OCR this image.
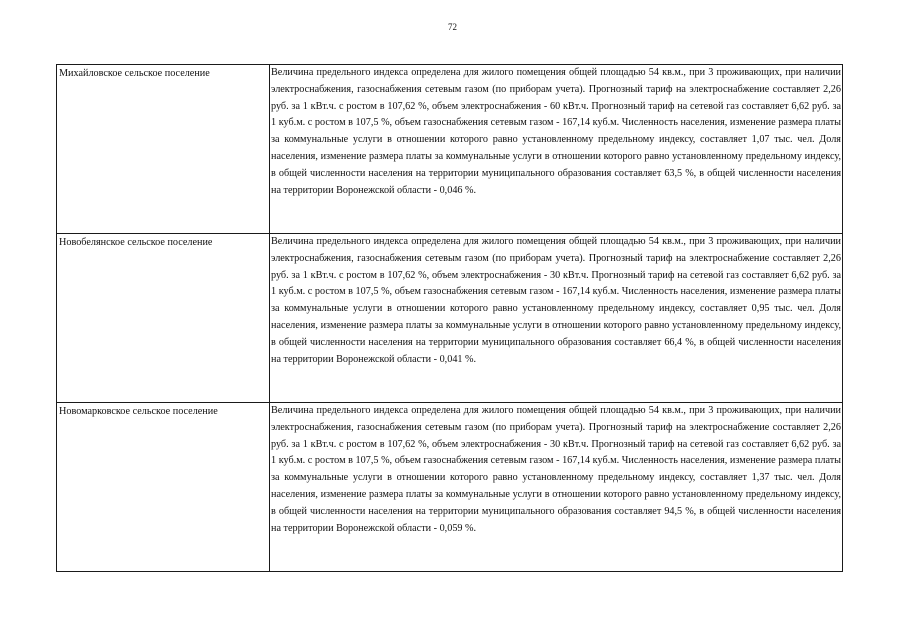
72
Михайловское сельское поселение	Величина предельного индекса определена для жилого помещения общей площадью 54 кв.м., при 3 проживающих, при наличии электроснабжения, газоснабжения сетевым газом (по приборам учета). Прогнозный тариф на электроснабжение составляет 2,26 руб. за 1 кВт.ч. с ростом в 107,62 %, объем электроснабжения - 60 кВт.ч. Прогнозный тариф на сетевой газ составляет 6,62 руб. за 1 куб.м. с ростом в 107,5 %, объем газоснабжения сетевым газом - 167,14 куб.м. Численность населения, изменение размера платы за коммунальные услуги в отношении которого равно установленному предельному индексу, составляет 1,07 тыс. чел. Доля населения, изменение размера платы за коммунальные услуги в отношении которого равно установленному предельному индексу, в общей численности населения на территории муниципального образования составляет 63,5 %, в общей численности населения на территории Воронежской области - 0,046 %.

Новобелянское сельское поселение	Величина предельного индекса определена для жилого помещения общей площадью 54 кв.м., при 3 проживающих, при наличии электроснабжения, газоснабжения сетевым газом (по приборам учета). Прогнозный тариф на электроснабжение составляет 2,26 руб. за 1 кВт.ч. с ростом в 107,62 %, объем электроснабжения - 30 кВт.ч. Прогнозный тариф на сетевой газ составляет 6,62 руб. за 1 куб.м. с ростом в 107,5 %, объем газоснабжения сетевым газом - 167,14 куб.м. Численность населения, изменение размера платы за коммунальные услуги в отношении которого равно установленному предельному индексу, составляет 0,95 тыс. чел. Доля населения, изменение размера платы за коммунальные услуги в отношении которого равно установленному предельному индексу, в общей численности населения на территории муниципального образования составляет 66,4 %, в общей численности населения на территории Воронежской области - 0,041 %.

Новомарковское сельское поселение	Величина предельного индекса определена для жилого помещения общей площадью 54 кв.м., при 3 проживающих, при наличии электроснабжения, газоснабжения сетевым газом (по приборам учета). Прогнозный тариф на электроснабжение составляет 2,26 руб. за 1 кВт.ч. с ростом в 107,62 %, объем электроснабжения - 30 кВт.ч. Прогнозный тариф на сетевой газ составляет 6,62 руб. за 1 куб.м. с ростом в 107,5 %, объем газоснабжения сетевым газом - 167,14 куб.м. Численность населения, изменение размера платы за коммунальные услуги в отношении которого равно установленному предельному индексу, составляет 1,37 тыс. чел. Доля населения, изменение размера платы за коммунальные услуги в отношении которого равно установленному предельному индексу, в общей численности населения на территории муниципального образования составляет 94,5 %, в общей численности населения на территории Воронежской области - 0,059 %.
